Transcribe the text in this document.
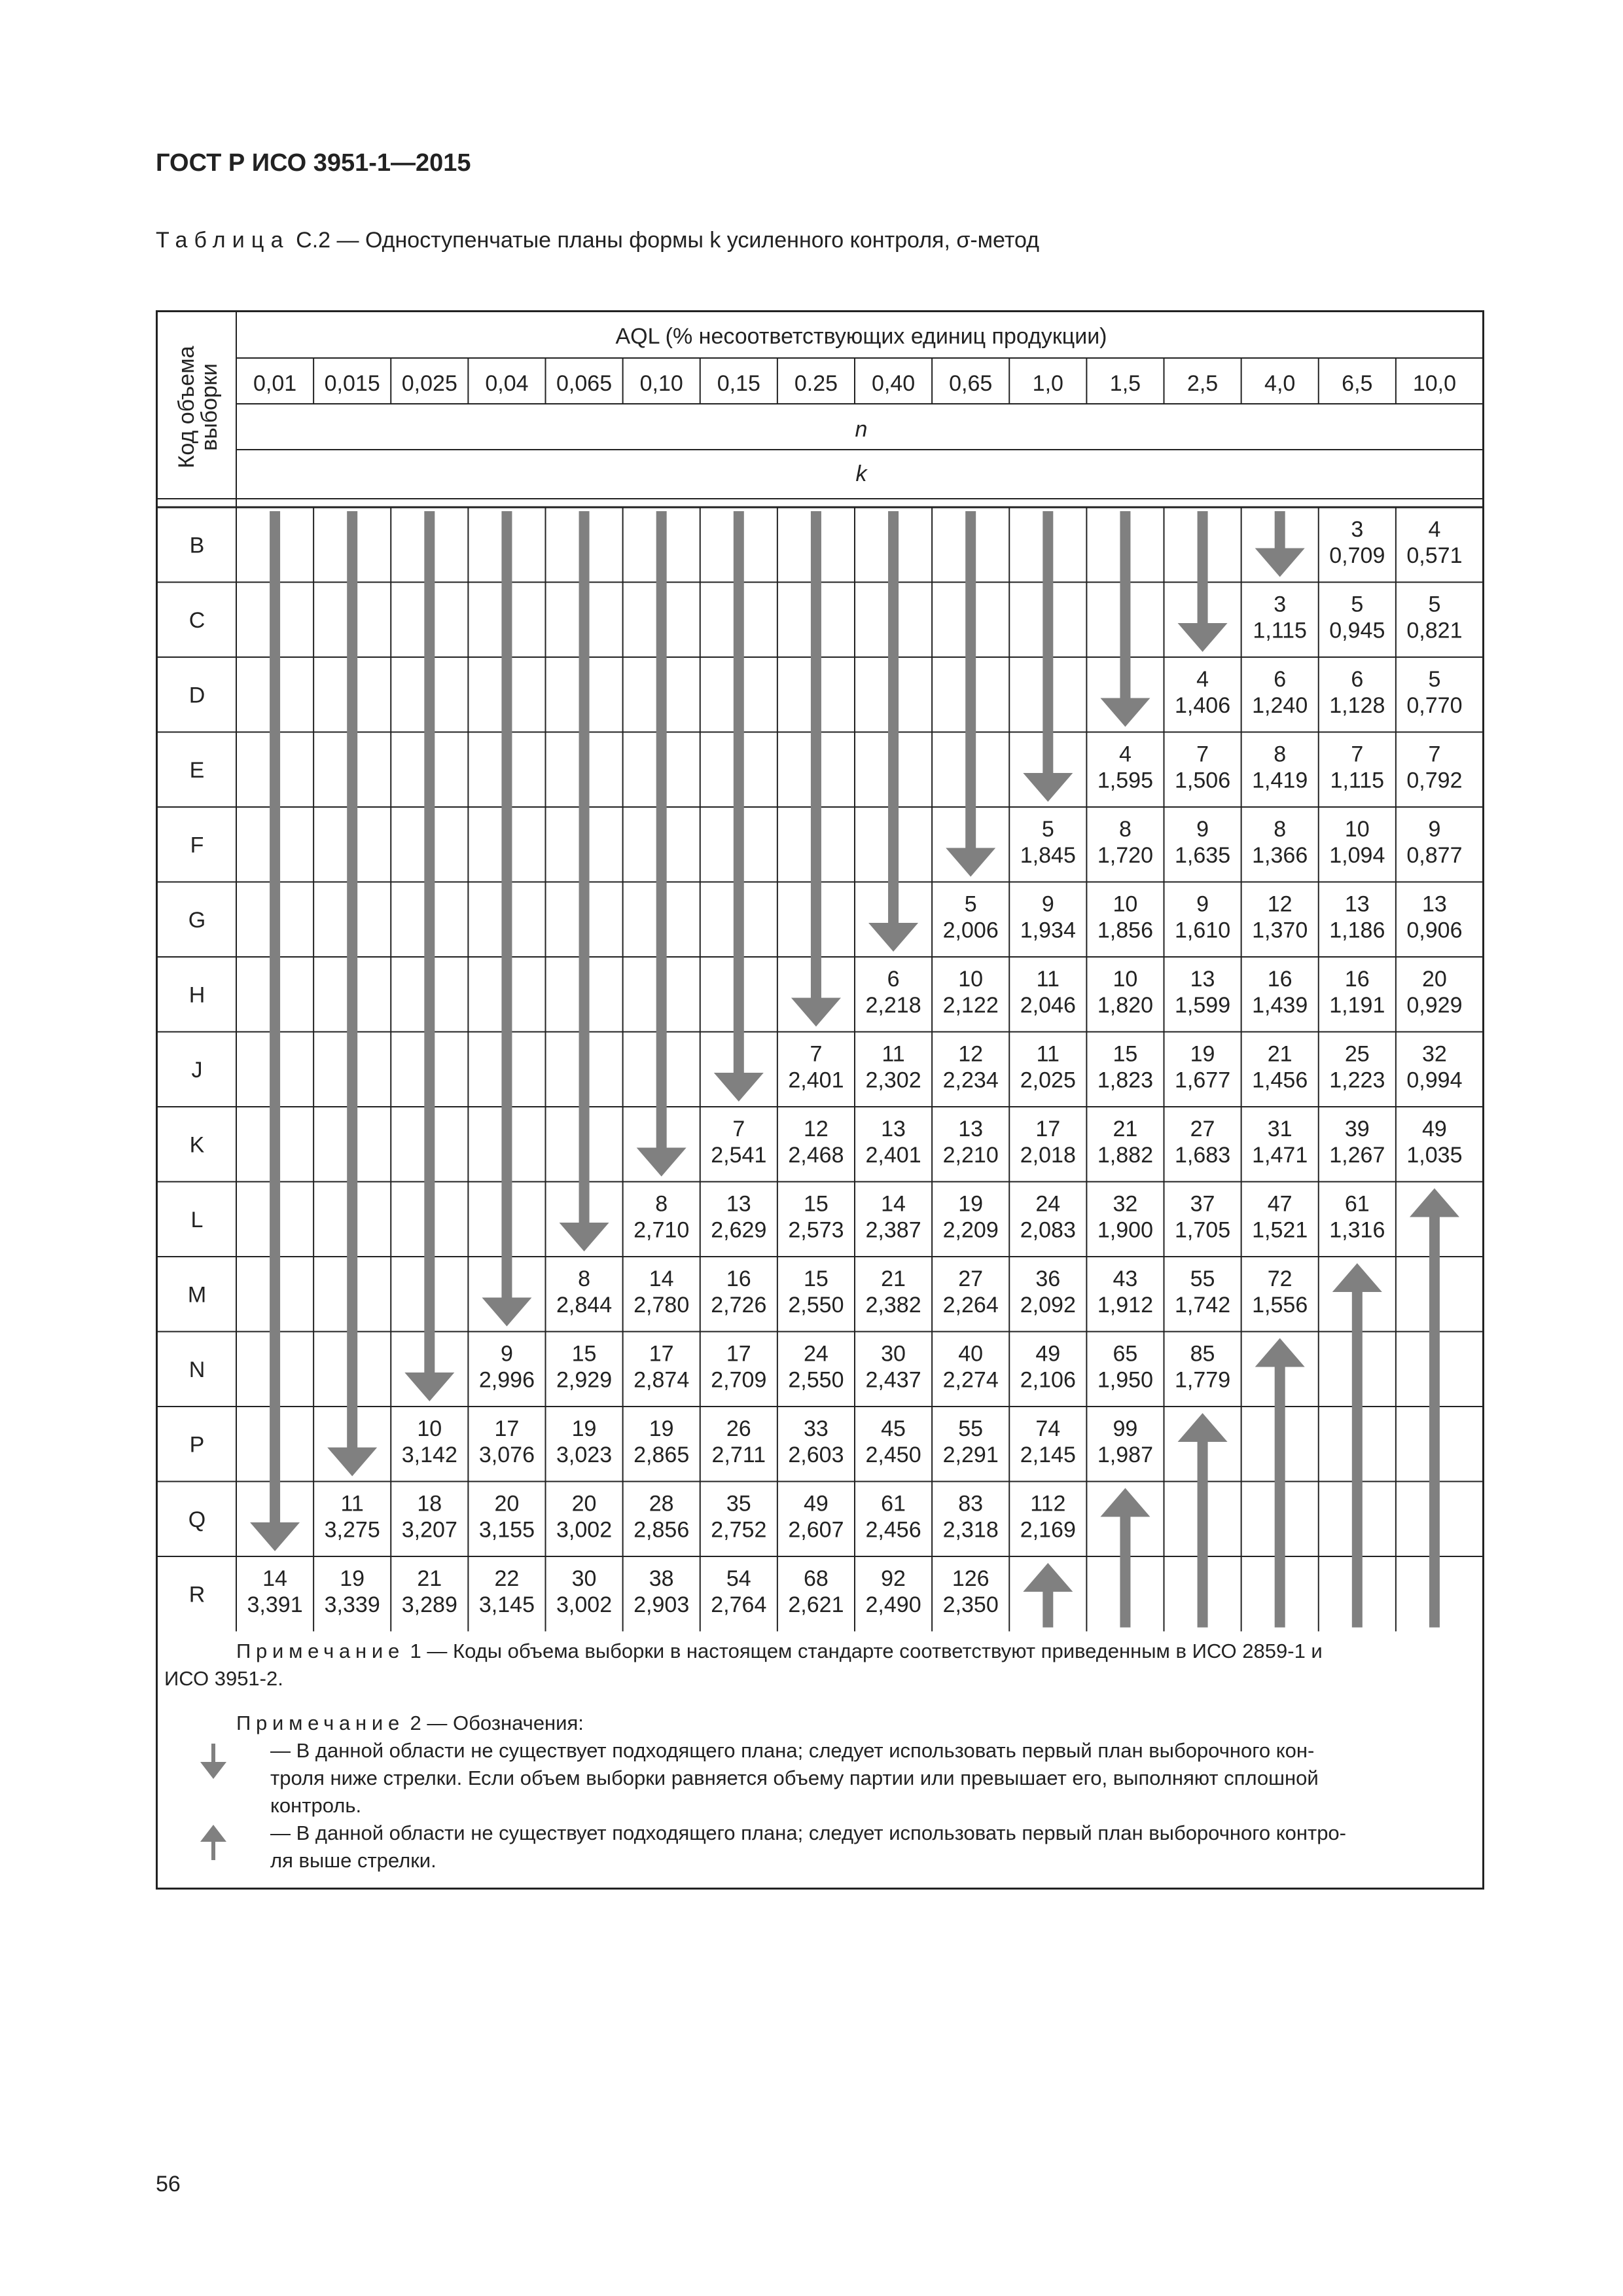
ГОСТ Р ИСО 3951-1—2015
Таблица С.2 — Одноступенчатые планы формы k усиленного контроля, σ-метод
AQL (% несоответствующих единиц продукции)
0,01 0,015 0,025 0,04 0,065 0,10 0,15 0.25 0,40 0,65 1,0 1,5 2,5 4,0 6,5 10,0
n
k
Код объема
выборки
B
3
0,709
4
0,571
C
3
1,115
5
0,945
5
0,821
D
4
1,406
6
1,240
6
1,128
5
0,770
E
4
1,595
7
1,506
8
1,419
7
1,115
7
0,792
F
5
1,845
8
1,720
9
1,635
8
1,366
10
1,094
9
0,877
G
5
2,006
9
1,934
10
1,856
9
1,610
12
1,370
13
1,186
13
0,906
H
6
2,218
10
2,122
11
2,046
10
1,820
13
1,599
16
1,439
16
1,191
20
0,929
J
7
2,401
11
2,302
12
2,234
11
2,025
15
1,823
19
1,677
21
1,456
25
1,223
32
0,994
K
7
2,541
12
2,468
13
2,401
13
2,210
17
2,018
21
1,882
27
1,683
31
1,471
39
1,267
49
1,035
L
8
2,710
13
2,629
15
2,573
14
2,387
19
2,209
24
2,083
32
1,900
37
1,705
47
1,521
61
1,316
M
8
2,844
14
2,780
16
2,726
15
2,550
21
2,382
27
2,264
36
2,092
43
1,912
55
1,742
72
1,556
N
9
2,996
15
2,929
17
2,874
17
2,709
24
2,550
30
2,437
40
2,274
49
2,106
65
1,950
85
1,779
P
10
3,142
17
3,076
19
3,023
19
2,865
26
2,711
33
2,603
45
2,450
55
2,291
74
2,145
99
1,987
Q
11
3,275
18
3,207
20
3,155
20
3,002
28
2,856
35
2,752
49
2,607
61
2,456
83
2,318
112
2,169
R
14
3,391
19
3,339
21
3,289
22
3,145
30
3,002
38
2,903
54
2,764
68
2,621
92
2,490
126
2,350
Примечание 1 — Коды объема выборки в настоящем стандарте соответствуют приведенным в ИСО 2859-1 и
ИСО 3951-2.
Примечание 2 — Обозначения:
— В данной области не существует подходящего плана; следует использовать первый план выборочного кон-
троля ниже стрелки. Если объем выборки равняется объему партии или превышает его, выполняют сплошной
контроль.
— В данной области не существует подходящего плана; следует использовать первый план выборочного контро-
ля выше стрелки.
56
